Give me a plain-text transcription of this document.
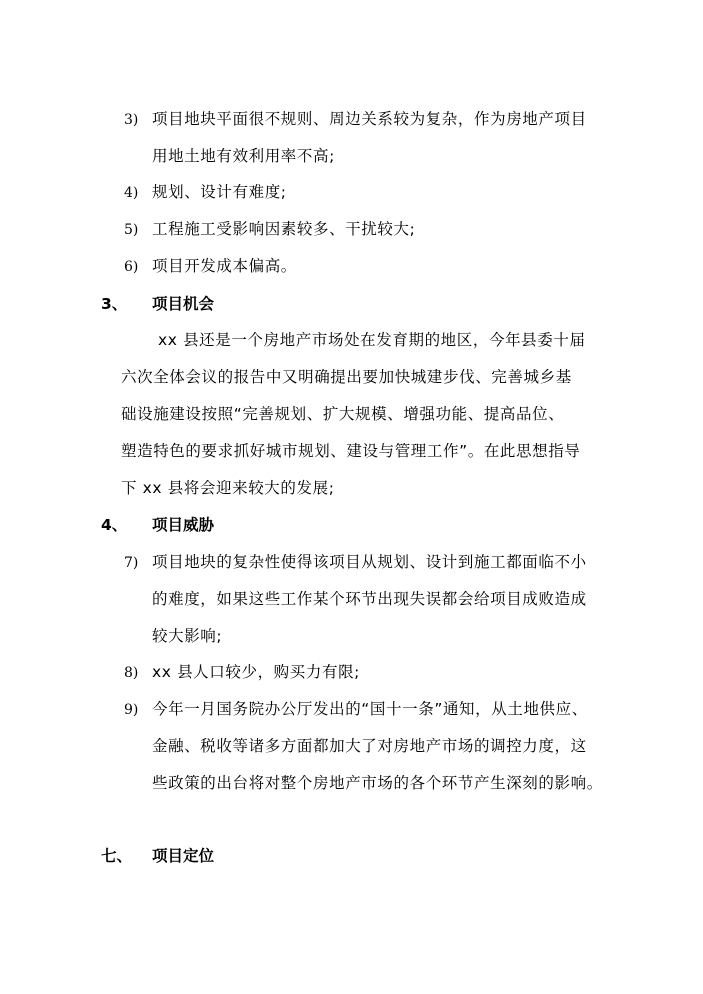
3) 项目地块平面很不规则、周边关系较为复杂，作为房地产项目
用地土地有效利用率不高;
4) 规划、设计有难度;
5) 工程施工受影响因素较多、干扰较大;
6) 项目开发成本偏高。
3、 项目机会
xx 县还是一个房地产市场处在发育期的地区，今年县委十届
六次全体会议的报告中又明确提出要加快城建步伐、完善城乡基
础设施建设按照“完善规划、扩大规模、增强功能、提高品位、
塑造特色的要求抓好城市规划、建设与管理工作”。在此思想指导
下 xx 县将会迎来较大的发展;
4、 项目威胁
7) 项目地块的复杂性使得该项目从规划、设计到施工都面临不小
的难度，如果这些工作某个环节出现失误都会给项目成败造成
较大影响;
8) xx 县人口较少，购买力有限;
9) 今年一月国务院办公厅发出的“国十一条”通知，从土地供应、
金融、税收等诸多方面都加大了对房地产市场的调控力度，这
些政策的出台将对整个房地产市场的各个环节产生深刻的影响。
七、 项目定位
